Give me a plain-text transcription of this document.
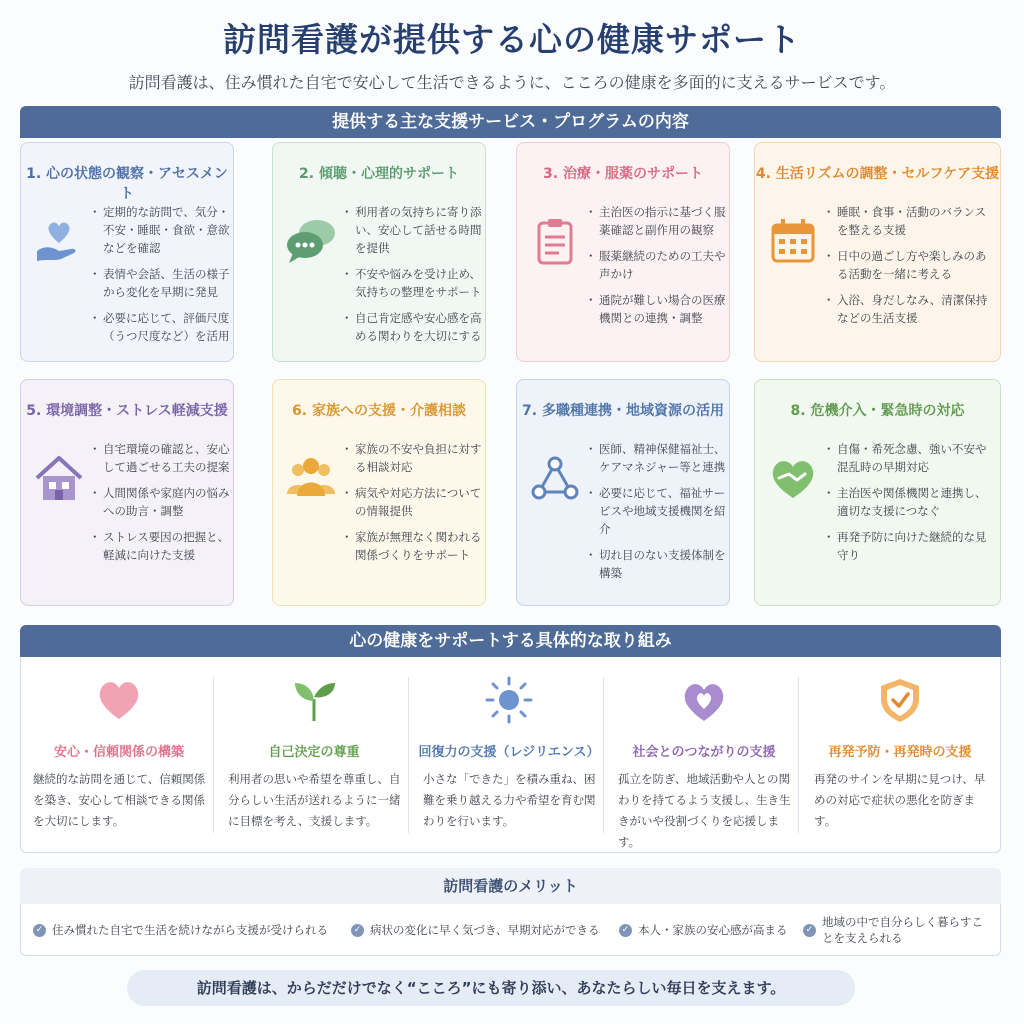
訪問看護が提供する心の健康サポート
訪問看護は、住み慣れた自宅で安心して生活できるように、こころの健康を多面的に支えるサービスです。
提供する主な支援サービス・プログラムの内容
1. 心の状態の観察・アセスメント
・ 定期的な訪問で、気分・不安・睡眠・食欲・意欲などを確認
・ 表情や会話、生活の様子から変化を早期に発見
・ 必要に応じて、評価尺度（うつ尺度など）を活用
2. 傾聴・心理的サポート
・ 利用者の気持ちに寄り添い、安心して話せる時間を提供
・ 不安や悩みを受け止め、気持ちの整理をサポート
・ 自己肯定感や安心感を高める関わりを大切にする
3. 治療・服薬のサポート
・ 主治医の指示に基づく服薬確認と副作用の観察
・ 服薬継続のための工夫や声かけ
・ 通院が難しい場合の医療機関との連携・調整
4. 生活リズムの調整・セルフケア支援
・ 睡眠・食事・活動のバランスを整える支援
・ 日中の過ごし方や楽しみのある活動を一緒に考える
・ 入浴、身だしなみ、清潔保持などの生活支援
5. 環境調整・ストレス軽減支援
・ 自宅環境の確認と、安心して過ごせる工夫の提案
・ 人間関係や家庭内の悩みへの助言・調整
・ ストレス要因の把握と、軽減に向けた支援
6. 家族への支援・介護相談
・ 家族の不安や負担に対する相談対応
・ 病気や対応方法についての情報提供
・ 家族が無理なく関われる関係づくりをサポート
7. 多職種連携・地域資源の活用
・ 医師、精神保健福祉士、ケアマネジャー等と連携
・ 必要に応じて、福祉サービスや地域支援機関を紹介
・ 切れ目のない支援体制を構築
8. 危機介入・緊急時の対応
・ 自傷・希死念慮、強い不安や混乱時の早期対応
・ 主治医や関係機関と連携し、適切な支援につなぐ
・ 再発予防に向けた継続的な見守り
心の健康をサポートする具体的な取り組み
安心・信頼関係の構築
継続的な訪問を通じて、信頼関係を築き、安心して相談できる関係を大切にします。
自己決定の尊重
利用者の思いや希望を尊重し、自分らしい生活が送れるように一緒に目標を考え、支援します。
回復力の支援（レジリエンス）
小さな「できた」を積み重ね、困難を乗り越える力や希望を育む関わりを行います。
社会とのつながりの支援
孤立を防ぎ、地域活動や人との関わりを持てるよう支援し、生き生きがいや役割づくりを応援します。
再発予防・再発時の支援
再発のサインを早期に見つけ、早めの対応で症状の悪化を防ぎます。
訪問看護のメリット
✓ 住み慣れた自宅で生活を続けながら支援が受けられる	✓ 病状の変化に早く気づき、早期対応ができる	✓ 本人・家族の安心感が高まる	✓
地域の中で自分らしく暮らすことを支えられる
訪問看護は、からだだけでなく“こころ”にも寄り添い、あなたらしい毎日を支えます。
